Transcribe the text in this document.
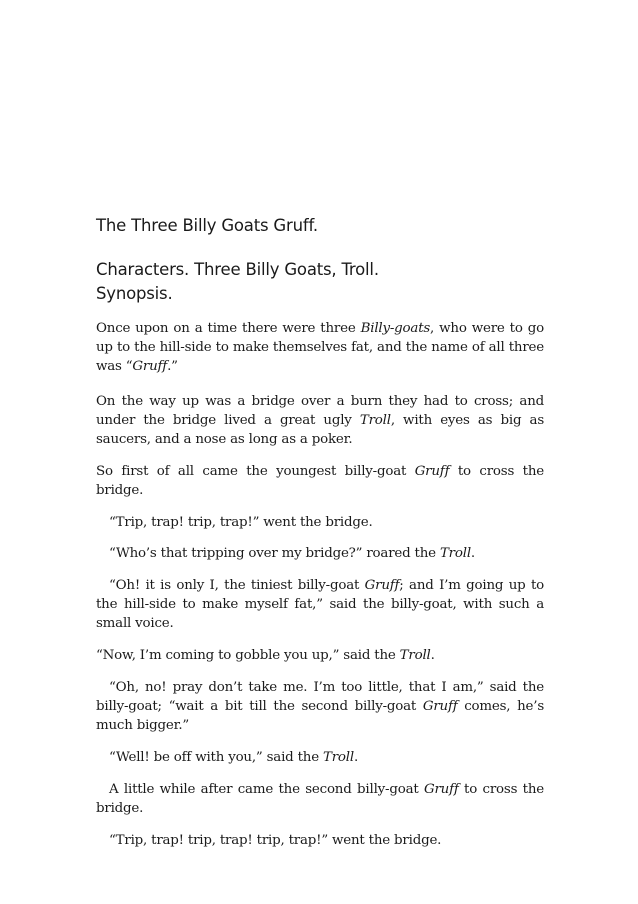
The Three Billy Goats Gruff.
Characters. Three Billy Goats, Troll.
Synopsis.

Once upon on a time there were three Billy-goats, who were to go up to the hill-side to make themselves fat, and the name of all three was “Gruff.”

On the way up was a bridge over a burn they had to cross; and under the bridge lived a great ugly Troll, with eyes as big as saucers, and a nose as long as a poker.

So first of all came the youngest billy-goat Gruff to cross the bridge.

“Trip, trap! trip, trap!” went the bridge.

“Who’s that tripping over my bridge?” roared the Troll.

“Oh! it is only I, the tiniest billy-goat Gruff; and I’m going up to the hill-side to make myself fat,” said the billy-goat, with such a small voice.

“Now, I’m coming to gobble you up,” said the Troll.

“Oh, no! pray don’t take me. I’m too little, that I am,” said the billy-goat; “wait a bit till the second billy-goat Gruff comes, he’s much bigger.”

“Well! be off with you,” said the Troll.

A little while after came the second billy-goat Gruff to cross the bridge.

“Trip, trap! trip, trap! trip, trap!” went the bridge.
